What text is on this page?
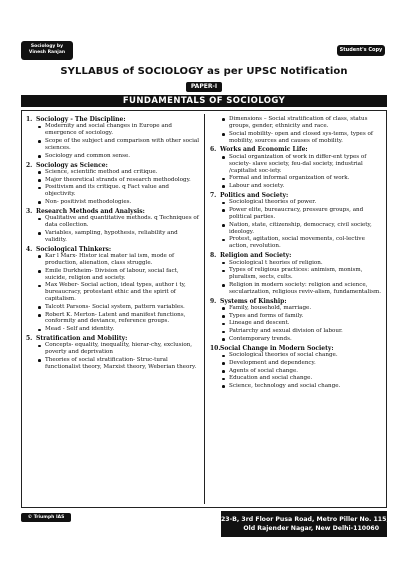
Sociology by
Vinesh Ranjan	Student's Copy
SYLLABUS of SOCIOLOGY as per UPSC Notification
PAPER-I
FUNDAMENTALS OF SOCIOLOGY
1. Sociology - The Discipline:
Modernity and social changes in Europe and emergence of sociology.
Scope of the subject and comparison with other social sciences.
Sociology and common sense.
2. Sociology as Science:
Science, scientific method and critique.
Major theoretical strands of research methodology.
Positivism and its critique. q Fact value and objectivity.
Non- positivist methodologies.
3. Research Methods and Analysis:
Qualitative and quantitative methods. q Techniques of data collection.
Variables, sampling, hypothesis, reliability and validity.
4. Sociological Thinkers:
Kar l Marx- Histor ical mater ial ism, mode of production, alienation, class struggle.
Emile Durkheim- Division of labour, social fact, suicide, religion and society.
Max Weber- Social action, ideal types, author i ty, bureaucracy, protestant ethic and the spirit of capitalism.
Talcott Parsons- Social system, pattern variables.
Robert K. Merton- Latent and manifest functions, conformity and deviance, reference groups.
Mead - Self and identity.
5. Stratification and Mobility:
Concepts- equality, inequality, hierar-chy, exclusion, poverty and deprivation
Theories of social stratification- Struc-tural functionalist theory, Marxist theory, Weberian theory.
Dimensions – Social stratification of class, status groups, gender, ethnicity and race.
Social mobility- open and closed sys-tems, types of mobility, sources and causes of mobility.
6. Works and Economic Life:
Social organization of work in differ-ent types of society- slave society, feu-dal society, industrial /capitalist soc-iety.
Formal and informal organization of work.
Labour and society.
7. Politics and Society:
Sociological theories of power.
Power elite, bureaucracy, pressure groups, and political parties.
Nation, state, citizenship, democracy, civil society, ideology.
Protest, agitation, social movements, col-lective action, revolution.
8. Religion and Society:
Sociological t heories of religion.
Types of religious practices: animism, monism, pluralism, sects, cults.
Religion in modern society: religion and science, secularization, religious reviv-alism, fundamentalism.
9. Systems of Kinship:
Family, household, marriage.
Types and forms of family.
Lineage and descent.
Patriarchy and sexual division of labour.
Contemporary trends.
10.Social Change in Modern Society:
Sociological theories of social change.
Development and dependency.
Agents of social change.
Education and social change.
Science, technology and social change.
© Triumph IAS	23-B, 3rd Floor Pusa Road, Metro Piller No. 115,
Old Rajender Nagar, New Delhi-110060
